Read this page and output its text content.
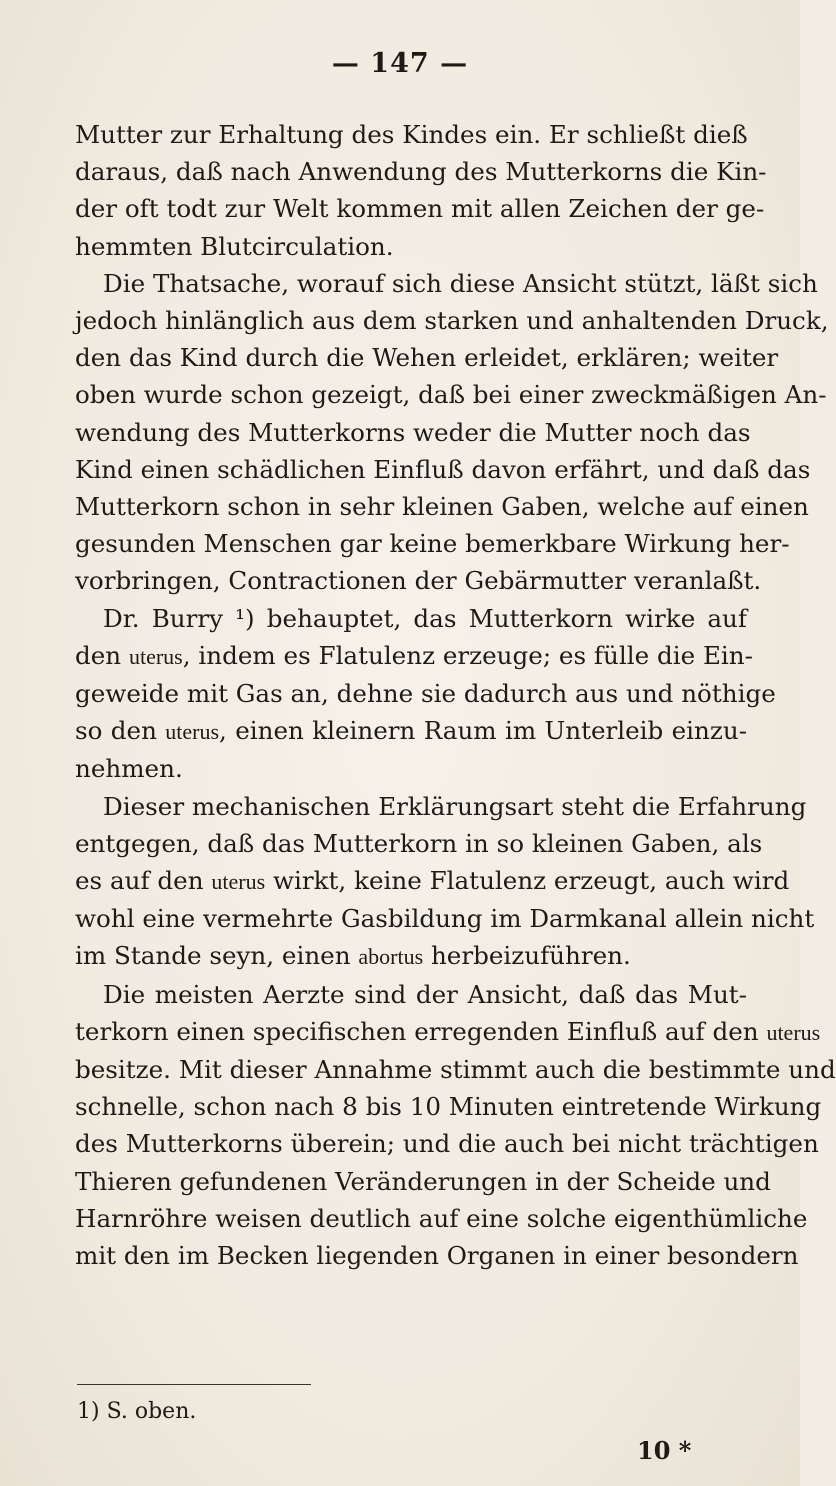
— 147 —
Mutter zur Erhaltung des Kindes ein. Er schließt dieß
daraus, daß nach Anwendung des Mutterkorns die Kin-
der oft todt zur Welt kommen mit allen Zeichen der ge-
hemmten Blutcirculation.
Die Thatsache, worauf sich diese Ansicht stützt, läßt sich
jedoch hinlänglich aus dem starken und anhaltenden Druck,
den das Kind durch die Wehen erleidet, erklären; weiter
oben wurde schon gezeigt, daß bei einer zweckmäßigen An-
wendung des Mutterkorns weder die Mutter noch das
Kind einen schädlichen Einfluß davon erfährt, und daß das
Mutterkorn schon in sehr kleinen Gaben, welche auf einen
gesunden Menschen gar keine bemerkbare Wirkung her-
vorbringen, Contractionen der Gebärmutter veranlaßt.
Dr. Burry ¹) behauptet, das Mutterkorn wirke auf
den uterus, indem es Flatulenz erzeuge; es fülle die Ein-
geweide mit Gas an, dehne sie dadurch aus und nöthige
so den uterus, einen kleinern Raum im Unterleib einzu-
nehmen.
Dieser mechanischen Erklärungsart steht die Erfahrung
entgegen, daß das Mutterkorn in so kleinen Gaben, als
es auf den uterus wirkt, keine Flatulenz erzeugt, auch wird
wohl eine vermehrte Gasbildung im Darmkanal allein nicht
im Stande seyn, einen abortus herbeizuführen.
Die meisten Aerzte sind der Ansicht, daß das Mut-
terkorn einen specifischen erregenden Einfluß auf den uterus
besitze. Mit dieser Annahme stimmt auch die bestimmte und
schnelle, schon nach 8 bis 10 Minuten eintretende Wirkung
des Mutterkorns überein; und die auch bei nicht trächtigen
Thieren gefundenen Veränderungen in der Scheide und
Harnröhre weisen deutlich auf eine solche eigenthümliche
mit den im Becken liegenden Organen in einer besondern
1) S. oben.
10 *
